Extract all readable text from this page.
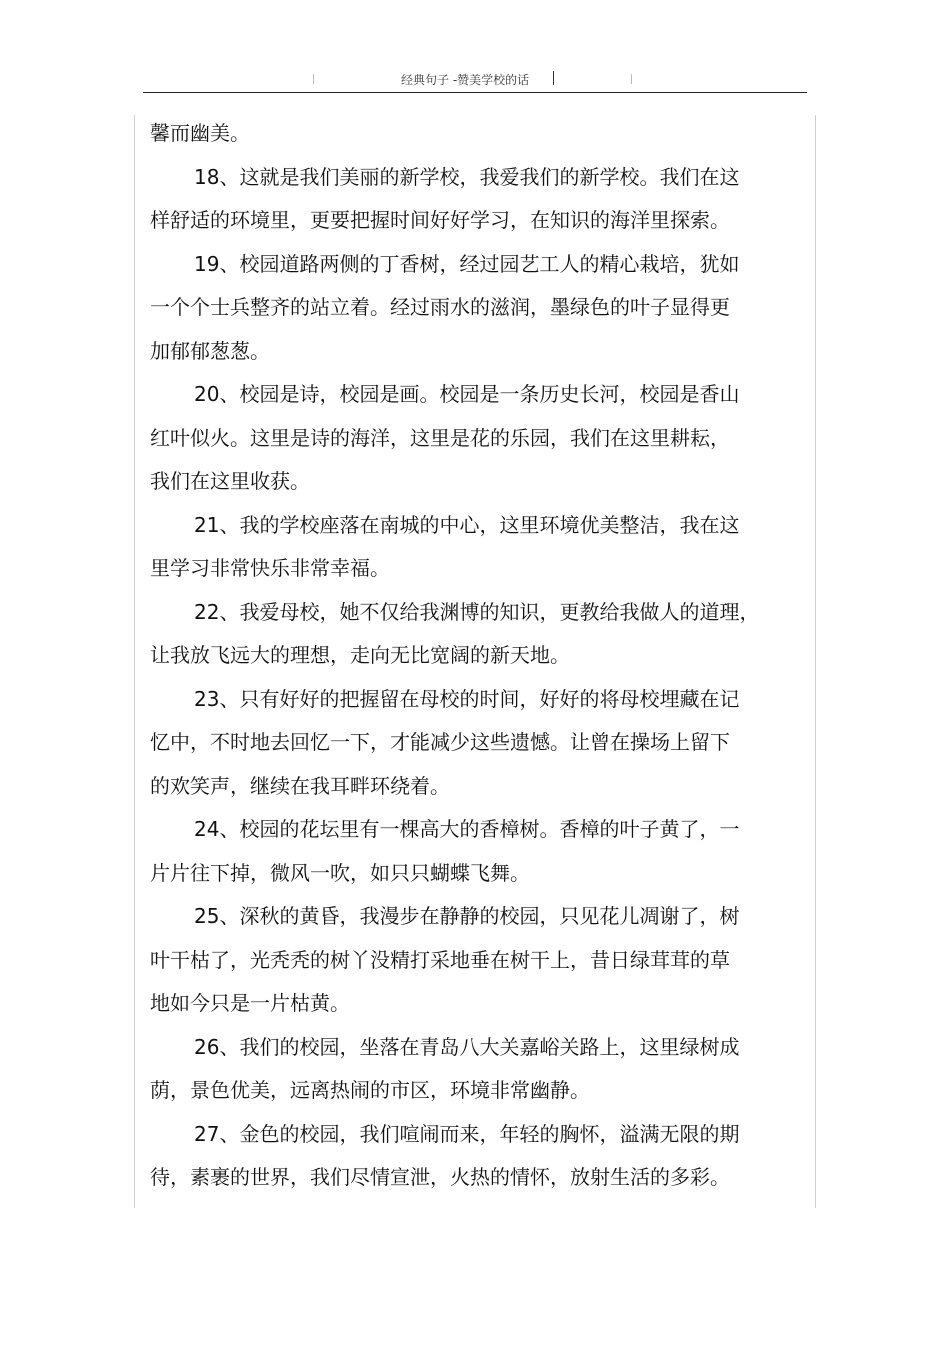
经典句子 -赞美学校的话
馨而幽美。
18、这就是我们美丽的新学校，我爱我们的新学校。我们在这
样舒适的环境里，更要把握时间好好学习，在知识的海洋里探索。
19、校园道路两侧的丁香树，经过园艺工人的精心栽培，犹如
一个个士兵整齐的站立着。经过雨水的滋润，墨绿色的叶子显得更
加郁郁葱葱。
20、校园是诗，校园是画。校园是一条历史长河，校园是香山
红叶似火。这里是诗的海洋，这里是花的乐园，我们在这里耕耘，
我们在这里收获。
21、我的学校座落在南城的中心，这里环境优美整洁，我在这
里学习非常快乐非常幸福。
22、我爱母校，她不仅给我渊博的知识，更教给我做人的道理，
让我放飞远大的理想，走向无比宽阔的新天地。
23、只有好好的把握留在母校的时间，好好的将母校埋藏在记
忆中，不时地去回忆一下，才能减少这些遗憾。让曾在操场上留下
的欢笑声，继续在我耳畔环绕着。
24、校园的花坛里有一棵高大的香樟树。香樟的叶子黄了，一
片片往下掉，微风一吹，如只只蝴蝶飞舞。
25、深秋的黄昏，我漫步在静静的校园，只见花儿凋谢了，树
叶干枯了，光秃秃的树丫没精打采地垂在树干上，昔日绿茸茸的草
地如今只是一片枯黄。
26、我们的校园，坐落在青岛八大关嘉峪关路上，这里绿树成
荫，景色优美，远离热闹的市区，环境非常幽静。
27、金色的校园，我们喧闹而来，年轻的胸怀，溢满无限的期
待，素裹的世界，我们尽情宣泄，火热的情怀，放射生活的多彩。
